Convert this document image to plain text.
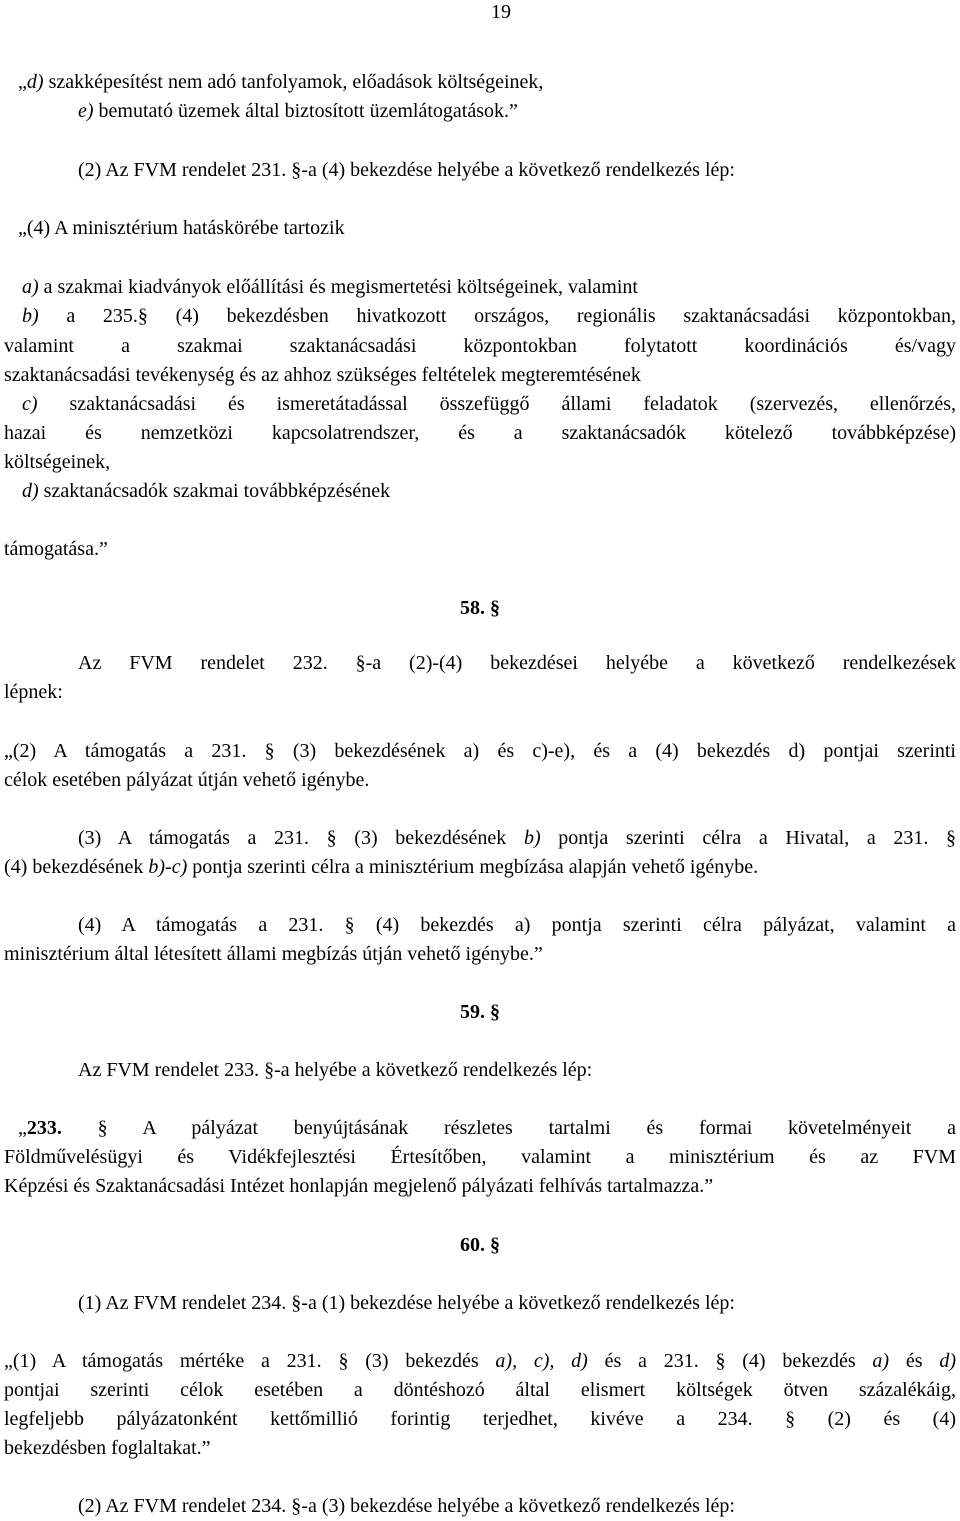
19
„d) szakképesítést nem adó tanfolyamok, előadások költségeinek,
e) bemutató üzemek által biztosított üzemlátogatások.”
(2) Az FVM rendelet 231. §-a (4) bekezdése helyébe a következő rendelkezés lép:
„(4) A minisztérium hatáskörébe tartozik
a) a szakmai kiadványok előállítási és megismertetési költségeinek, valamint
b) a 235.§ (4) bekezdésben hivatkozott országos, regionális szaktanácsadási központokban,
valamint a szakmai szaktanácsadási központokban folytatott koordinációs és/vagy
szaktanácsadási tevékenység és az ahhoz szükséges feltételek megteremtésének
c) szaktanácsadási és ismeretátadással összefüggő állami feladatok (szervezés, ellenőrzés,
hazai és nemzetközi kapcsolatrendszer, és a szaktanácsadók kötelező továbbképzése)
költségeinek,
d) szaktanácsadók szakmai továbbképzésének
támogatása.”
58. §
Az FVM rendelet 232. §-a (2)-(4) bekezdései helyébe a következő rendelkezések
lépnek:
„(2) A támogatás a 231. § (3) bekezdésének a) és c)-e), és a (4) bekezdés d) pontjai szerinti
célok esetében pályázat útján vehető igénybe.
(3) A támogatás a 231. § (3) bekezdésének b) pontja szerinti célra a Hivatal, a 231. §
(4) bekezdésének b)-c) pontja szerinti célra a minisztérium megbízása alapján vehető igénybe.
(4) A támogatás a 231. § (4) bekezdés a) pontja szerinti célra pályázat, valamint a
minisztérium által létesített állami megbízás útján vehető igénybe.”
59. §
Az FVM rendelet 233. §-a helyébe a következő rendelkezés lép:
„233. § A pályázat benyújtásának részletes tartalmi és formai követelményeit a
Földművelésügyi és Vidékfejlesztési Értesítőben, valamint a minisztérium és az FVM
Képzési és Szaktanácsadási Intézet honlapján megjelenő pályázati felhívás tartalmazza.”
60. §
(1) Az FVM rendelet 234. §-a (1) bekezdése helyébe a következő rendelkezés lép:
„(1) A támogatás mértéke a 231. § (3) bekezdés a), c), d) és a 231. § (4) bekezdés a) és d)
pontjai szerinti célok esetében a döntéshozó által elismert költségek ötven százalékáig,
legfeljebb pályázatonként kettőmillió forintig terjedhet, kivéve a 234. § (2) és (4)
bekezdésben foglaltakat.”
(2) Az FVM rendelet 234. §-a (3) bekezdése helyébe a következő rendelkezés lép:
